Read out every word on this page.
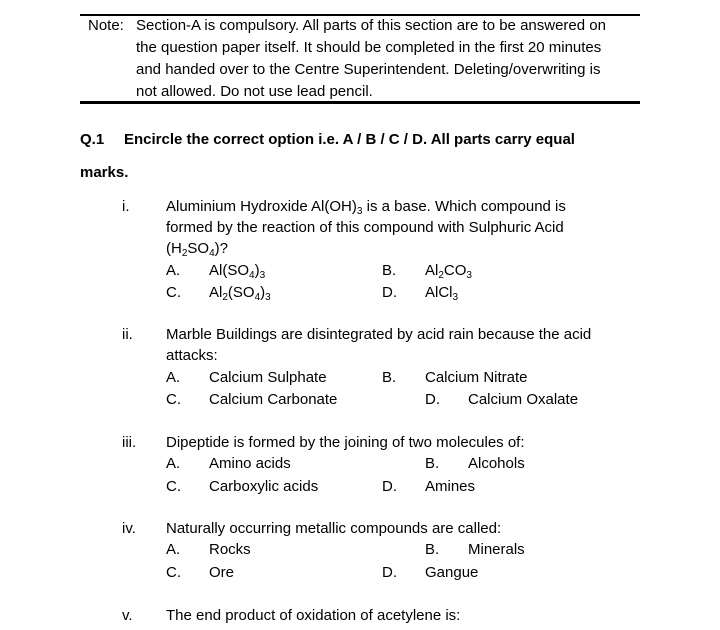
Note: Section-A is compulsory. All parts of this section are to be answered on
the question paper itself. It should be completed in the first 20 minutes
and handed over to the Centre Superintendent. Deleting/overwriting is
not allowed. Do not use lead pencil.
Q.1 Encircle the correct option i.e. A / B / C / D. All parts carry equal
marks.
i. Aluminium Hydroxide $Al(OH)_3$ is a base. Which compound is
formed by the reaction of this compound with Sulphuric Acid
$(H_2SO_4)$?
A. $Al(SO_4)_3$	B. $Al_2CO_3$
C. $Al_2(SO_4)_3$	D. AlCl$_3$
ii. Marble Buildings are disintegrated by acid rain because the acid
attacks:
A. Calcium Sulphate	B. Calcium Nitrate
C. Calcium Carbonate	D. Calcium Oxalate
iii. Dipeptide is formed by the joining of two molecules of:
A. Amino acids	B. Alcohols
C. Carboxylic acids	D. Amines
iv. Naturally occurring metallic compounds are called:
A. Rocks	B. Minerals
C. Ore	D. Gangue
v. The end product of oxidation of acetylene is:
